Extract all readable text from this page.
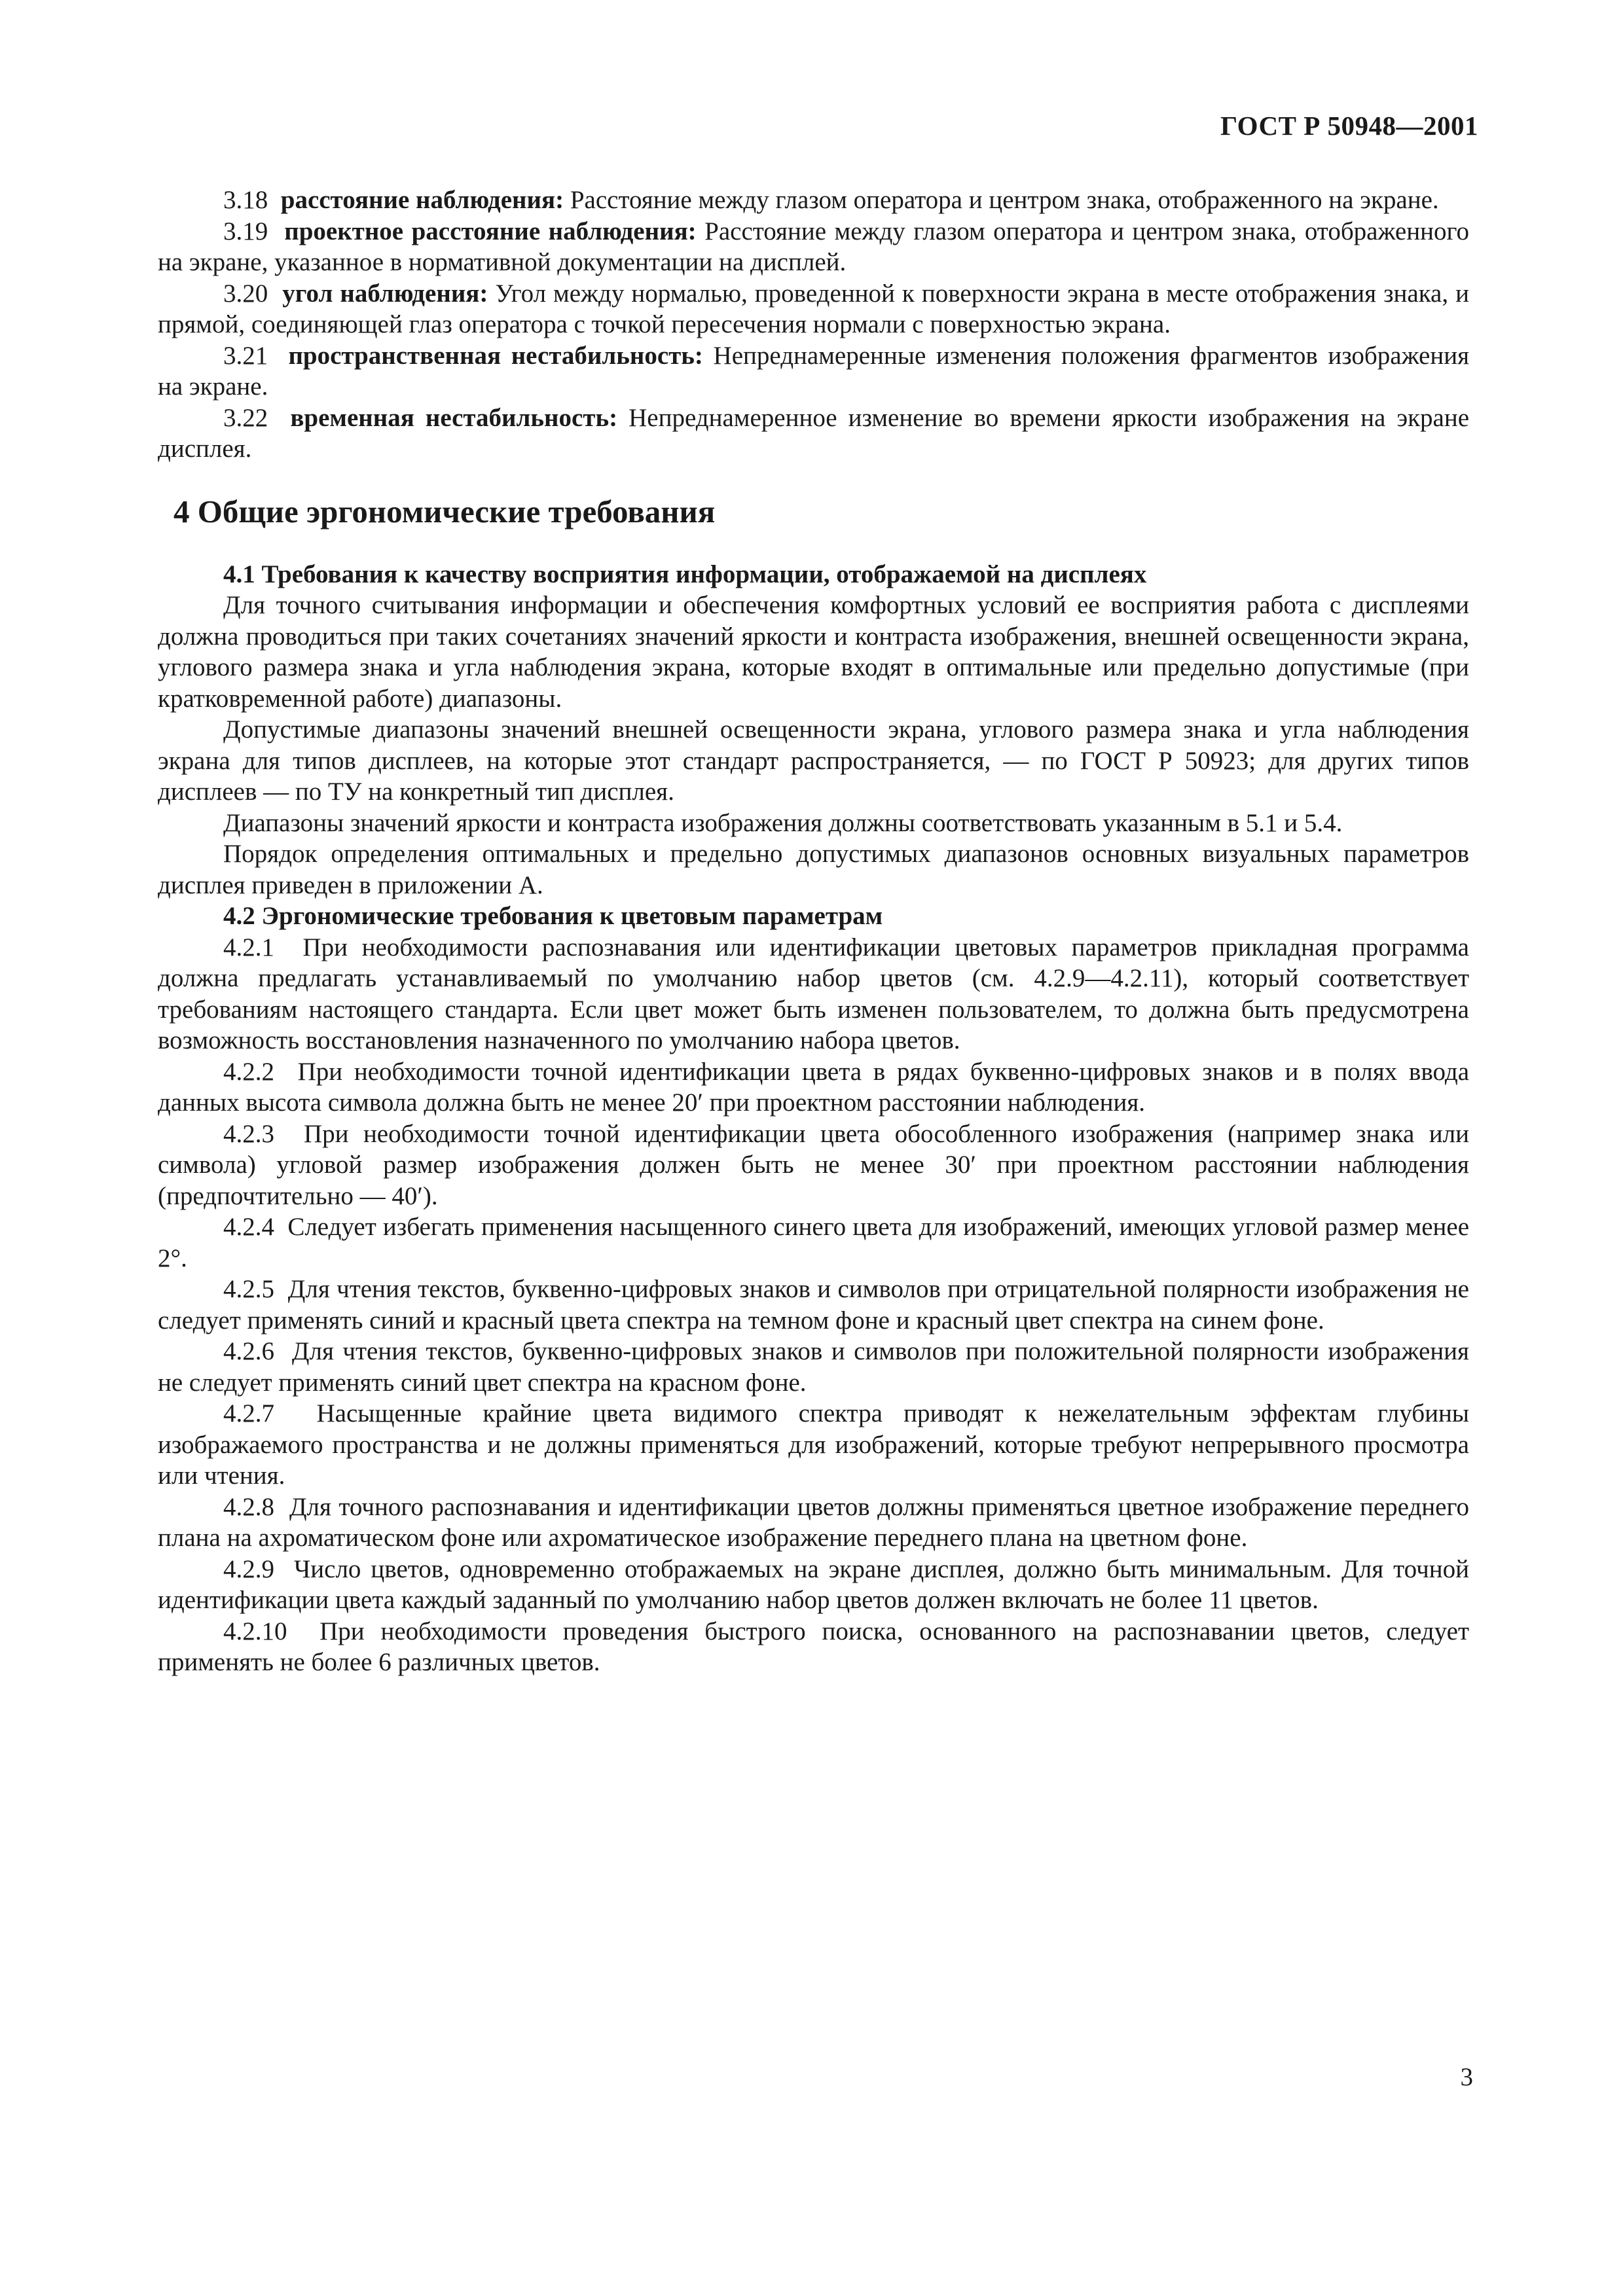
ГОСТ Р 50948—2001

3.18 расстояние наблюдения: Расстояние между глазом оператора и центром знака, отображенного на экране.

3.19 проектное расстояние наблюдения: Расстояние между глазом оператора и центром знака, отображенного на экране, указанное в нормативной документации на дисплей.

3.20 угол наблюдения: Угол между нормалью, проведенной к поверхности экрана в месте отображения знака, и прямой, соединяющей глаз оператора с точкой пересечения нормали с поверхностью экрана.

3.21 пространственная нестабильность: Непреднамеренные изменения положения фрагментов изображения на экране.

3.22 временная нестабильность: Непреднамеренное изменение во времени яркости изображения на экране дисплея.

4 Общие эргономические требования

4.1 Требования к качеству восприятия информации, отображаемой на дисплеях

Для точного считывания информации и обеспечения комфортных условий ее восприятия работа с дисплеями должна проводиться при таких сочетаниях значений яркости и контраста изображения, внешней освещенности экрана, углового размера знака и угла наблюдения экрана, которые входят в оптимальные или предельно допустимые (при кратковременной работе) диапазоны.

Допустимые диапазоны значений внешней освещенности экрана, углового размера знака и угла наблюдения экрана для типов дисплеев, на которые этот стандарт распространяется, — по ГОСТ Р 50923; для других типов дисплеев — по ТУ на конкретный тип дисплея.

Диапазоны значений яркости и контраста изображения должны соответствовать указанным в 5.1 и 5.4.

Порядок определения оптимальных и предельно допустимых диапазонов основных визуальных параметров дисплея приведен в приложении А.

4.2 Эргономические требования к цветовым параметрам

4.2.1 При необходимости распознавания или идентификации цветовых параметров прикладная программа должна предлагать устанавливаемый по умолчанию набор цветов (см. 4.2.9—4.2.11), который соответствует требованиям настоящего стандарта. Если цвет может быть изменен пользователем, то должна быть предусмотрена возможность восстановления назначенного по умолчанию набора цветов.

4.2.2 При необходимости точной идентификации цвета в рядах буквенно-цифровых знаков и в полях ввода данных высота символа должна быть не менее 20′ при проектном расстоянии наблюдения.

4.2.3 При необходимости точной идентификации цвета обособленного изображения (например знака или символа) угловой размер изображения должен быть не менее 30′ при проектном расстоянии наблюдения (предпочтительно — 40′).

4.2.4 Следует избегать применения насыщенного синего цвета для изображений, имеющих угловой размер менее 2°.

4.2.5 Для чтения текстов, буквенно-цифровых знаков и символов при отрицательной полярности изображения не следует применять синий и красный цвета спектра на темном фоне и красный цвет спектра на синем фоне.

4.2.6 Для чтения текстов, буквенно-цифровых знаков и символов при положительной полярности изображения не следует применять синий цвет спектра на красном фоне.

4.2.7 Насыщенные крайние цвета видимого спектра приводят к нежелательным эффектам глубины изображаемого пространства и не должны применяться для изображений, которые требуют непрерывного просмотра или чтения.

4.2.8 Для точного распознавания и идентификации цветов должны применяться цветное изображение переднего плана на ахроматическом фоне или ахроматическое изображение переднего плана на цветном фоне.

4.2.9 Число цветов, одновременно отображаемых на экране дисплея, должно быть минимальным. Для точной идентификации цвета каждый заданный по умолчанию набор цветов должен включать не более 11 цветов.

4.2.10 При необходимости проведения быстрого поиска, основанного на распознавании цветов, следует применять не более 6 различных цветов.

3
